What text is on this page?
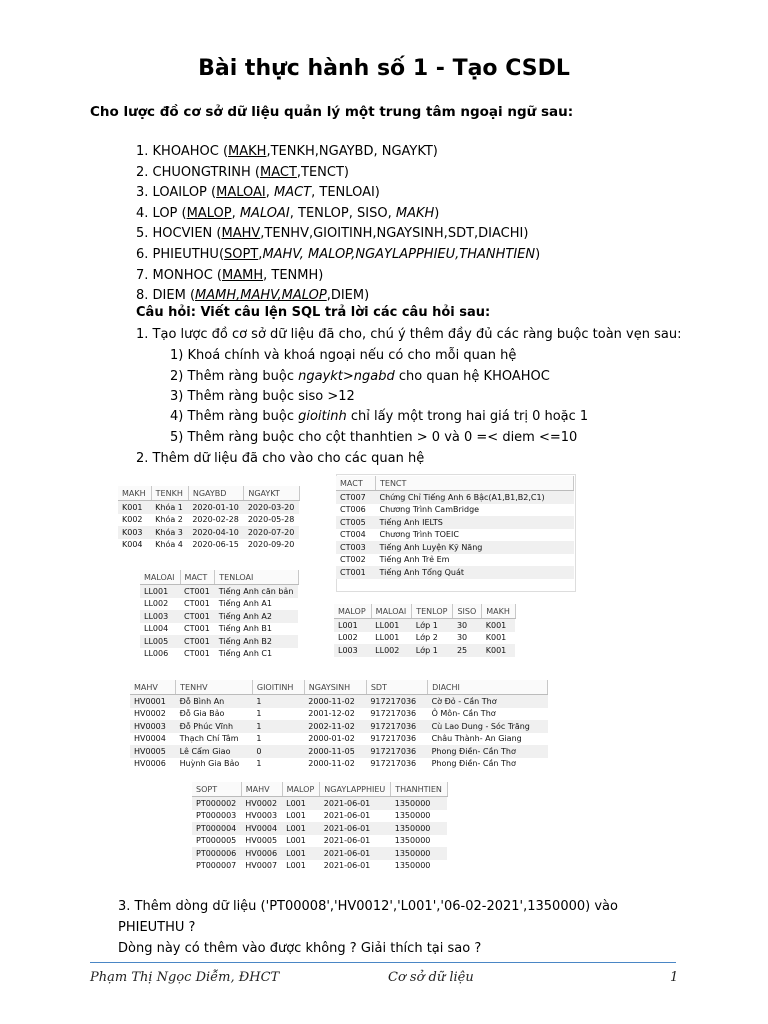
Bài thực hành số 1 - Tạo CSDL
Cho lược đồ cơ sở dữ liệu quản lý một trung tâm ngoại ngữ sau:
1. KHOAHOC (MAKH,TENKH,NGAYBD, NGAYKT)
2. CHUONGTRINH (MACT,TENCT)
3. LOAILOP (MALOAI, MACT, TENLOAI)
4. LOP (MALOP, MALOAI, TENLOP, SISO, MAKH)
5. HOCVIEN (MAHV,TENHV,GIOITINH,NGAYSINH,SDT,DIACHI)
6. PHIEUTHU(SOPT,MAHV, MALOP,NGAYLAPPHIEU,THANHTIEN)
7. MONHOC (MAMH, TENMH)
8. DIEM (MAMH,MAHV,MALOP,DIEM)
Câu hỏi: Viết câu lện SQL trả lời các câu hỏi sau:
1. Tạo lược đồ cơ sở dữ liệu đã cho, chú ý thêm đầy đủ các ràng buộc toàn vẹn sau:
1) Khoá chính và khoá ngoại nếu có cho mỗi quan hệ
2) Thêm ràng buộc ngaykt>ngabd cho quan hệ KHOAHOC
3) Thêm ràng buộc siso >12
4) Thêm ràng buộc gioitinh chỉ lấy một trong hai giá trị 0 hoặc 1
5) Thêm ràng buộc cho cột thanhtien > 0 và 0 =< diem <=10
2. Thêm dữ liệu đã cho vào cho các quan hệ
MAKH	TENKH	NGAYBD	NGAYKT
K001	Khóa 1	2020-01-10	2020-03-20
K002	Khóa 2	2020-02-28	2020-05-28
K003	Khóa 3	2020-04-10	2020-07-20
K004	Khóa 4	2020-06-15	2020-09-20
MACT	TENCT
CT007	Chứng Chỉ Tiếng Anh 6 Bậc(A1,B1,B2,C1)
CT006	Chương Trình CamBridge
CT005	Tiếng Anh IELTS
CT004	Chương Trình TOEIC
CT003	Tiếng Anh Luyện Kỹ Năng
CT002	Tiếng Anh Trẻ Em
CT001	Tiếng Anh Tổng Quát
MALOAI	MACT	TENLOAI
LL001	CT001	Tiếng Anh căn bản
LL002	CT001	Tiếng Anh A1
LL003	CT001	Tiếng Anh A2
LL004	CT001	Tiếng Anh B1
LL005	CT001	Tiếng Anh B2
LL006	CT001	Tiếng Anh C1
MALOP	MALOAI	TENLOP	SISO	MAKH
L001	LL001	Lớp 1	30	K001
L002	LL001	Lớp 2	30	K001
L003	LL002	Lớp 1	25	K001
MAHV	TENHV	GIOITINH	NGAYSINH	SDT	DIACHI
HV0001	Đỗ Bình An	1	2000-11-02	917217036	Cờ Đỏ - Cần Thơ
HV0002	Đỗ Gia Bảo	1	2001-12-02	917217036	Ô Môn- Cần Thơ
HV0003	Đỗ Phúc Vĩnh	1	2002-11-02	917217036	Cù Lao Dung - Sóc Trăng
HV0004	Thạch Chí Tâm	1	2000-01-02	917217036	Châu Thành- An Giang
HV0005	Lê Cẩm Giao	0	2000-11-05	917217036	Phong Điền- Cần Thơ
HV0006	Huỳnh Gia Bảo	1	2000-11-02	917217036	Phong Điền- Cần Thơ
SOPT	MAHV	MALOP	NGAYLAPPHIEU	THANHTIEN
PT000002	HV0002	L001	2021-06-01	1350000
PT000003	HV0003	L001	2021-06-01	1350000
PT000004	HV0004	L001	2021-06-01	1350000
PT000005	HV0005	L001	2021-06-01	1350000
PT000006	HV0006	L001	2021-06-01	1350000
PT000007	HV0007	L001	2021-06-01	1350000
3. Thêm dòng dữ liệu ('PT00008','HV0012','L001','06-02-2021',1350000) vào PHIEUTHU ?
Dòng này có thêm vào được không ? Giải thích tại sao ?
Phạm Thị Ngọc Diễm, ĐHCT	Cơ sở dữ liệu	1
